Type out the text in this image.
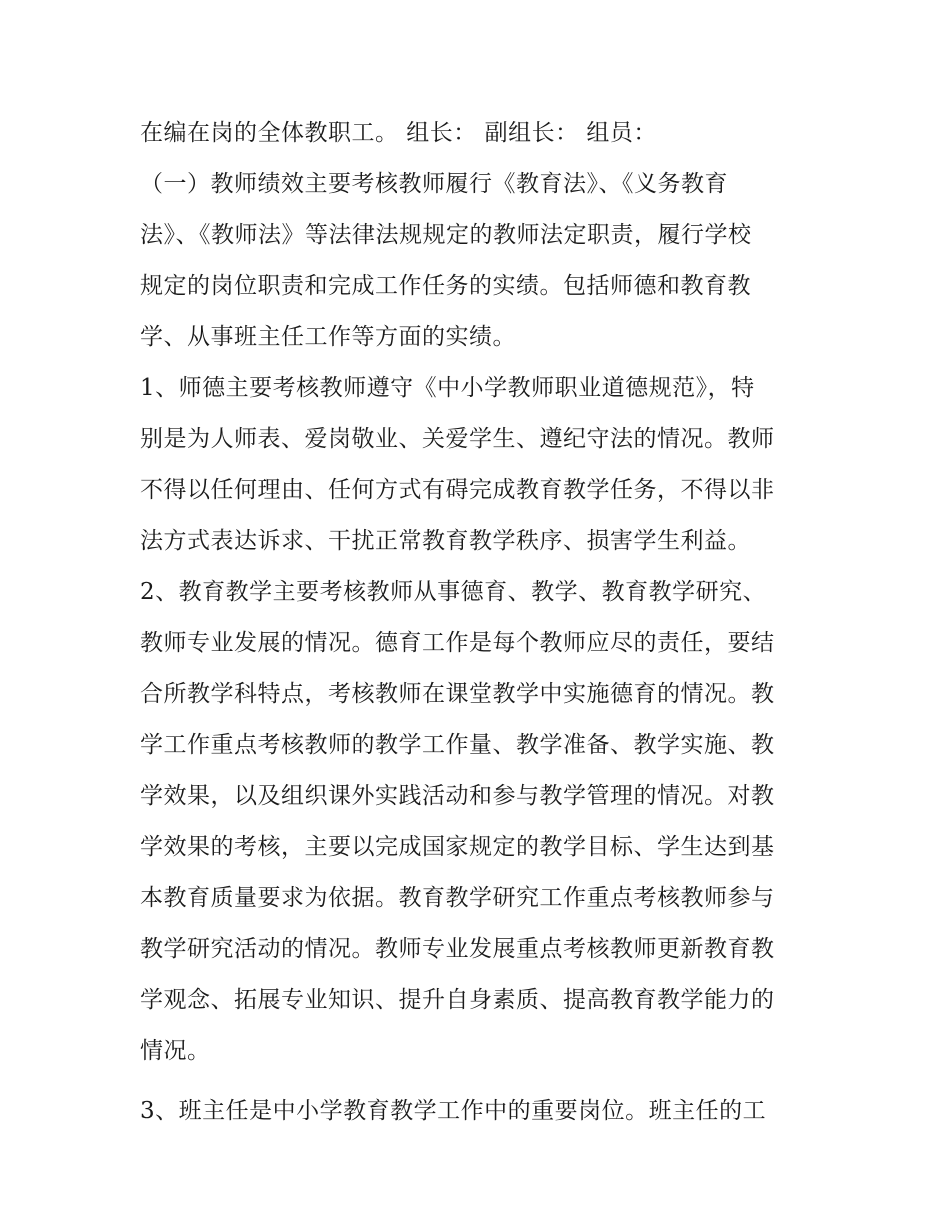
在编在岗的全体教职工。 组长： 副组长： 组员：
（一）教师绩效主要考核教师履行《教育法》、《义务教育
法》、《教师法》等法律法规规定的教师法定职责，履行学校
规定的岗位职责和完成工作任务的实绩。包括师德和教育教
学、从事班主任工作等方面的实绩。
1、师德主要考核教师遵守《中小学教师职业道德规范》，特
别是为人师表、爱岗敬业、关爱学生、遵纪守法的情况。教师
不得以任何理由、任何方式有碍完成教育教学任务，不得以非
法方式表达诉求、干扰正常教育教学秩序、损害学生利益。
2、教育教学主要考核教师从事德育、教学、教育教学研究、
教师专业发展的情况。德育工作是每个教师应尽的责任，要结
合所教学科特点，考核教师在课堂教学中实施德育的情况。教
学工作重点考核教师的教学工作量、教学准备、教学实施、教
学效果，以及组织课外实践活动和参与教学管理的情况。对教
学效果的考核，主要以完成国家规定的教学目标、学生达到基
本教育质量要求为依据。教育教学研究工作重点考核教师参与
教学研究活动的情况。教师专业发展重点考核教师更新教育教
学观念、拓展专业知识、提升自身素质、提高教育教学能力的
情况。
3、班主任是中小学教育教学工作中的重要岗位。班主任的工
